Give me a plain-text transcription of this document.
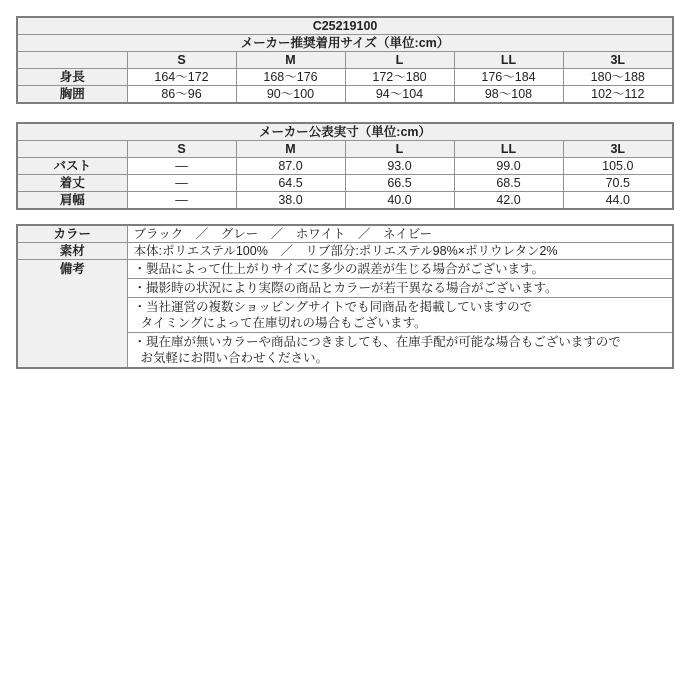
C25219100					
メーカー推奨着用サイズ（単位:cm）					
	S	M	L	LL	3L
身長	164～172	168～176	172～180	176～184	180～188
胸囲	86～96	90～100	94～104	98～108	102～112
メーカー公表実寸（単位:cm）					
	S	M	L	LL	3L
バスト	―	87.0	93.0	99.0	105.0
着丈	―	64.5	66.5	68.5	70.5
肩幅	―	38.0	40.0	42.0	44.0
カラー	ブラック　／　グレー　／　ホワイト　／　ネイビー
素材	本体:ポリエステル100%　／　リブ部分:ポリエステル98%×ポリウレタン2%
備考	・製品によって仕上がりサイズに多少の誤差が生じる場合がございます。

	・撮影時の状況により実際の商品とカラーが若干異なる場合がございます。

	・当社運営の複数ショッピングサイトでも同商品を掲載していますので
タイミングによって在庫切れの場合もございます。

	・現在庫が無いカラーや商品につきましても、在庫手配が可能な場合もございますので
お気軽にお問い合わせください。
